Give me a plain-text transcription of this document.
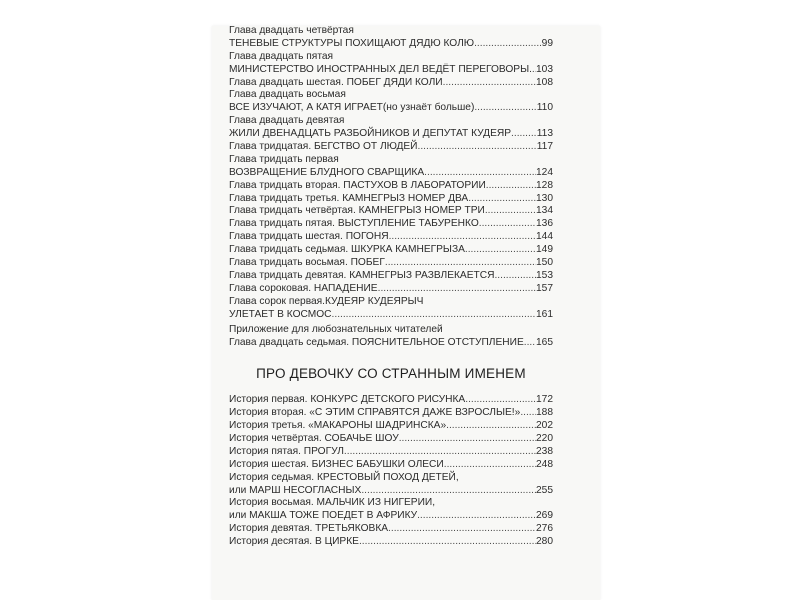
Глава двадцать четвёртая
ТЕНЕВЫЕ СТРУКТУРЫ ПОХИЩАЮТ ДЯДЮ КОЛЮ .....	99
Глава двадцать пятая
МИНИСТЕРСТВО ИНОСТРАННЫХ ДЕЛ ВЕДЁТ ПЕРЕГОВОРЫ. ..... 103
Глава двадцать шестая. ПОБЕГ ДЯДИ КОЛИ .....	108
Глава двадцать восьмая
ВСЕ ИЗУЧАЮТ, А КАТЯ ИГРАЕТ (но узнаёт больше) .....	110
Глава двадцать девятая
ЖИЛИ ДВЕНАДЦАТЬ РАЗБОЙНИКОВ И ДЕПУТАТ КУДЕЯР .....	113
Глава тридцатая. БЕГСТВО ОТ ЛЮДЕЙ .....	117
Глава тридцать первая
ВОЗВРАЩЕНИЕ БЛУДНОГО СВАРЩИКА .....	124
Глава тридцать вторая. ПАСТУХОВ В ЛАБОРАТОРИИ .....	128
Глава тридцать третья. КАМНЕГРЫЗ НОМЕР ДВА .....	130
Глава тридцать четвёртая. КАМНЕГРЫЗ НОМЕР ТРИ .....	134
Глава тридцать пятая. ВЫСТУПЛЕНИЕ ТАБУРЕНКО .....	136
Глава тридцать шестая. ПОГОНЯ .....	144
Глава тридцать седьмая. ШКУРКА КАМНЕГРЫЗА .....	149
Глава тридцать восьмая. ПОБЕГ .....	150
Глава тридцать девятая. КАМНЕГРЫЗ РАЗВЛЕКАЕТСЯ .....	153
Глава сороковая. НАПАДЕНИЕ .....	157
Глава сорок первая.КУДЕЯР КУДЕЯРЫЧ
УЛЕТАЕТ В КОСМОС .....	161
Приложение для любознательных читателей
Глава двадцать седьмая. ПОЯСНИТЕЛЬНОЕ ОТСТУПЛЕНИЕ ..... 165
ПРО ДЕВОЧКУ СО СТРАННЫМ ИМЕНЕМ
История первая. КОНКУРС ДЕТСКОГО РИСУНКА .....	172
История вторая. «С ЭТИМ СПРАВЯТСЯ ДАЖЕ ВЗРОСЛЫЕ!» ..... 188
История третья. «МАКАРОНЫ ШАДРИНСКА» .....	202
История четвёртая. СОБАЧЬЕ ШОУ .....	220
История пятая. ПРОГУЛ .....	238
История шестая. БИЗНЕС БАБУШКИ ОЛЕСИ .....	248
История седьмая. КРЕСТОВЫЙ ПОХОД ДЕТЕЙ,
или МАРШ НЕСОГЛАСНЫХ .....	255
История восьмая. МАЛЬЧИК ИЗ НИГЕРИИ,
или МАКША ТОЖЕ ПОЕДЕТ В АФРИКУ .....	269
История девятая. ТРЕТЬЯКОВКА .....	276
История десятая. В ЦИРКЕ .....	280
